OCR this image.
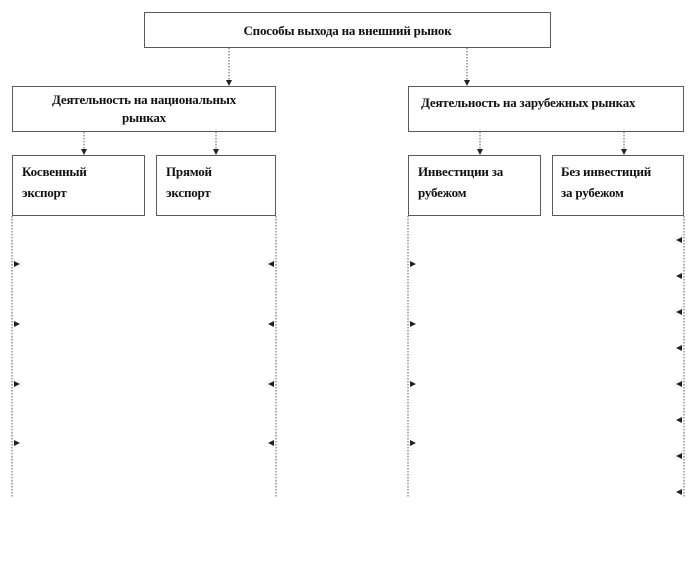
Способы выхода на внешний рынок
Деятельность на национальных
рынках
Деятельность на зарубежных рынках
Косвенный
экспорт
Прямой
экспорт
Инвестиции за
рубежом
Без инвестиций
за рубежом
